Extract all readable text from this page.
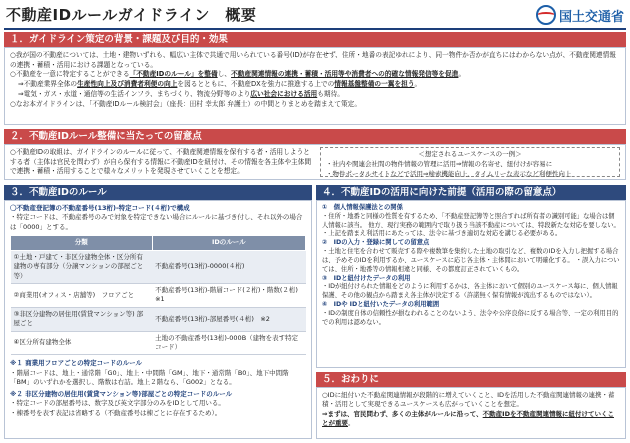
不動産IDルールガイドライン　概要	国土交通省
１．ガイドライン策定の背景・課題及び目的・効果
○我が国の不動産については、土地・建物いずれも、幅広い主体で共通で用いられている番号(ID)が存在せず、住所・地番の表記ゆれにより、同一物件か否かが直ちにはわからない点が、不動産関連情報の連携・蓄積・活用における課題となっている。
○不動産を一意に特定することができる「不動産IDのルール」を整備し、不動産関連情報の連携・蓄積・活用等や消費者への的確な情報発信等を促進。
⇒不動産業界全体の生産性向上及び消費者利便の向上を図るとともに、不動産DXを強力に推進する上での情報基盤整備の一翼を担う。
⇒電気・ガス・水道・通信等の生活インフラ、まちづくり、物流分野等のより広い社会における活用も期待。
○なお本ガイドラインは、「不動産IDルール検討会」（座長：田村 幸太郎 弁護士）の中間とりまとめを踏まえて策定。
２．不動産IDルール整備に当たっての留意点
○不動産IDの取組は、ガイドラインのルールに従って、不動産関連情報を保有する者・活用しようとする者（主体は官民を問わず）が自ら保有する情報に不動産IDを紐付け、その情報を各主体や主体間で連携・蓄積・活用することで様々なメリットを発現させていくことを想定。
＜想定されるユースケースの一例＞
・社内や関連会社間の物件情報の管理に活用⇒情報の名寄せ、紐付けが容易に
・物件ポータルサイトなどで活用⇒検索機能向上、タイムリーな表示など利便性向上
３．不動産IDのルール
〇不動産登記簿の不動産番号(13桁)-特定コード(４桁)で構成
・特定コードは、不動産番号のみで対象を特定できない場合にルールに基づき付し、それ以外の場合は「0000」とする。
分類	IDのルール
①土地・戸建て・非区分建物全体・区分所有建物の専有部分（分譲マンションの部屋ごと等）	不動産番号(13桁)-0000(４桁)
②商業用(オフィス・店舗等)　フロアごと	不動産番号(13桁)-階層コード(２桁)・階数(２桁) ※1
③非区分建物の居住用(賃貸マンション等) 部屋ごと	不動産番号(13桁)-部屋番号(４桁)　※2
④区分所有建物全体	土地の不動産番号(13桁)-000B（建物を表す特定コード）
※１ 商業用フロアごとの特定コードのルール
・階層コードは、地上・通常階「G0」、地上・中間階「GM」、地下・通常階「B0」、地下中間階「BM」のいずれかを選択し、階数は右詰。地上２階なら、「G002」となる。
※２ 非区分建物の居住用(賃貸マンション等)部屋ごとの特定コードのルール
・特定コードの部屋番号は、数字及び英文字部分のみをIDとして用いる。
・棟番号を表す表記は省略する（不動産番号は棟ごとに存在するため）。
４．不動産IDの活用に向けた前提（活用の際の留意点）
①　個人情報保護法との関係
・住所・地番と同様の性質を有するため、「不動産登記簿等と照合すれば所有者の識別可能」な場合は個人情報に該当。 他方、現行実務の範囲内で取り扱う当該不動産については、特段新たな対応を要しない。 ・上記を踏まえ利活用にあたっては、法令に基づき適切な対応を講じる必要がある。
②　IDの入力・登録に関しての留意点
・土地と住宅を合わせて販売する際や複数筆を集約した土地の取引など、複数のIDを入力し把握する場合は、予めそのIDを利用するか、ユースケースに応じ各主体・主体間において明確化する。 ・誤入力については、住所・地番等の情報相違と同様、その都度訂正されていくもの。
③　IDと紐付けたデータの利用
・IDが紐付けられた情報をどのように利用するかは、各主体において個別のユースケース毎に、個人情報保護、その他の観点から踏まえ各主体が決定する（許諾無く保有情報が流出するものではない）。
④　IDや IDと紐付いたデータの利用範囲
・IDの制度自体の信頼性が損なわれることのないよう、法令や公序良俗に反する場合等、一定の利用目的での利用は認めない。
５．おわりに
○IDに紐付いた不動産関連情報が段階的に増えていくこと、IDを活用した不動産関連情報の連携・蓄積・活用として実現できるユースケースも広がっていくことを想定。
⇒まずは、官民問わず、多くの主体がルールに沿って、不動産IDを不動産関連情報に紐付けていくことが重要。
